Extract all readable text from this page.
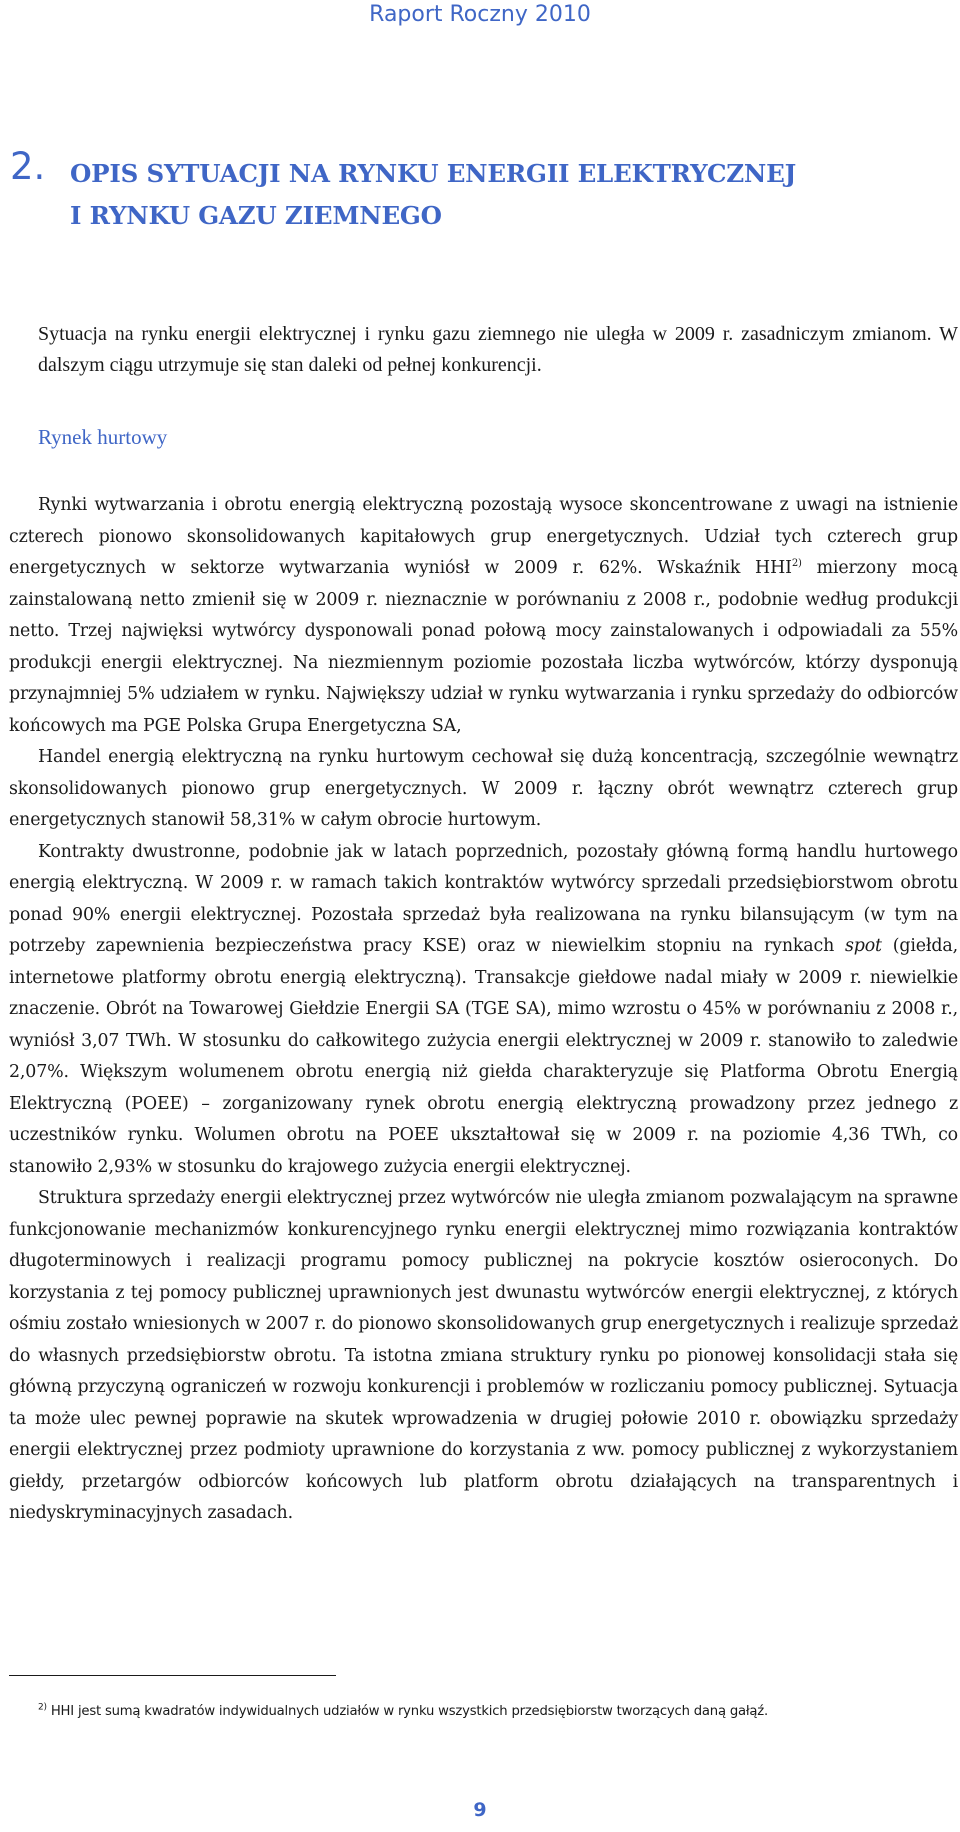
Raport Roczny 2010
2. OPIS SYTUACJI NA RYNKU ENERGII ELEKTRYCZNEJ
I RYNKU GAZU ZIEMNEGO

Sytuacja na rynku energii elektrycznej i rynku gazu ziemnego nie uległa w 2009 r. zasadniczym zmianom. W dalszym ciągu utrzymuje się stan daleki od pełnej konkurencji.

Rynek hurtowy

Rynki wytwarzania i obrotu energią elektryczną pozostają wysoce skoncentrowane z uwagi na istnienie czterech pionowo skonsolidowanych kapitałowych grup energetycznych. Udział tych czterech grup energetycznych w sektorze wytwarzania wyniósł w 2009 r. 62%. Wskaźnik HHI$^{2)}$ mierzony mocą zainstalowaną netto zmienił się w 2009 r. nieznacznie w porównaniu z 2008 r., podobnie według produkcji netto. Trzej najwięksi wytwórcy dysponowali ponad połową mocy zainstalowanych i odpowiadali za 55% produkcji energii elektrycznej. Na niezmiennym poziomie pozostała liczba wytwórców, którzy dysponują przynajmniej 5% udziałem w rynku. Największy udział w rynku wytwarzania i rynku sprzedaży do odbiorców końcowych ma PGE Polska Grupa Energetyczna SA,

Handel energią elektryczną na rynku hurtowym cechował się dużą koncentracją, szczególnie wewnątrz skonsolidowanych pionowo grup energetycznych. W 2009 r. łączny obrót wewnątrz czterech grup energetycznych stanowił 58,31% w całym obrocie hurtowym.

Kontrakty dwustronne, podobnie jak w latach poprzednich, pozostały główną formą handlu hurtowego energią elektryczną. W 2009 r. w ramach takich kontraktów wytwórcy sprzedali przedsiębiorstwom obrotu ponad 90% energii elektrycznej. Pozostała sprzedaż była realizowana na rynku bilansującym (w tym na potrzeby zapewnienia bezpieczeństwa pracy KSE) oraz w niewielkim stopniu na rynkach spot (giełda, internetowe platformy obrotu energią elektryczną). Transakcje giełdowe nadal miały w 2009 r. niewielkie znaczenie. Obrót na Towarowej Giełdzie Energii SA (TGE SA), mimo wzrostu o 45% w porównaniu z 2008 r., wyniósł 3,07 TWh. W stosunku do całkowitego zużycia energii elektrycznej w 2009 r. stanowiło to zaledwie 2,07%. Większym wolumenem obrotu energią niż giełda charakteryzuje się Platforma Obrotu Energią Elektryczną (POEE) – zorganizowany rynek obrotu energią elektryczną prowadzony przez jednego z uczestników rynku. Wolumen obrotu na POEE ukształtował się w 2009 r. na poziomie 4,36 TWh, co stanowiło 2,93% w stosunku do krajowego zużycia energii elektrycznej.

Struktura sprzedaży energii elektrycznej przez wytwórców nie uległa zmianom pozwalającym na sprawne funkcjonowanie mechanizmów konkurencyjnego rynku energii elektrycznej mimo rozwiązania kontraktów długoterminowych i realizacji programu pomocy publicznej na pokrycie kosztów osieroconych. Do korzystania z tej pomocy publicznej uprawnionych jest dwunastu wytwórców energii elektrycznej, z których ośmiu zostało wniesionych w 2007 r. do pionowo skonsolidowanych grup energetycznych i realizuje sprzedaż do własnych przedsiębiorstw obrotu. Ta istotna zmiana struktury rynku po pionowej konsolidacji stała się główną przyczyną ograniczeń w rozwoju konkurencji i problemów w rozliczaniu pomocy publicznej. Sytuacja ta może ulec pewnej poprawie na skutek wprowadzenia w drugiej połowie 2010 r. obowiązku sprzedaży energii elektrycznej przez podmioty uprawnione do korzystania z ww. pomocy publicznej z wykorzystaniem giełdy, przetargów odbiorców końcowych lub platform obrotu działających na transparentnych i niedyskryminacyjnych zasadach.

$^{2)}$ HHI jest sumą kwadratów indywidualnych udziałów w rynku wszystkich przedsiębiorstw tworzących daną gałąź.
9
